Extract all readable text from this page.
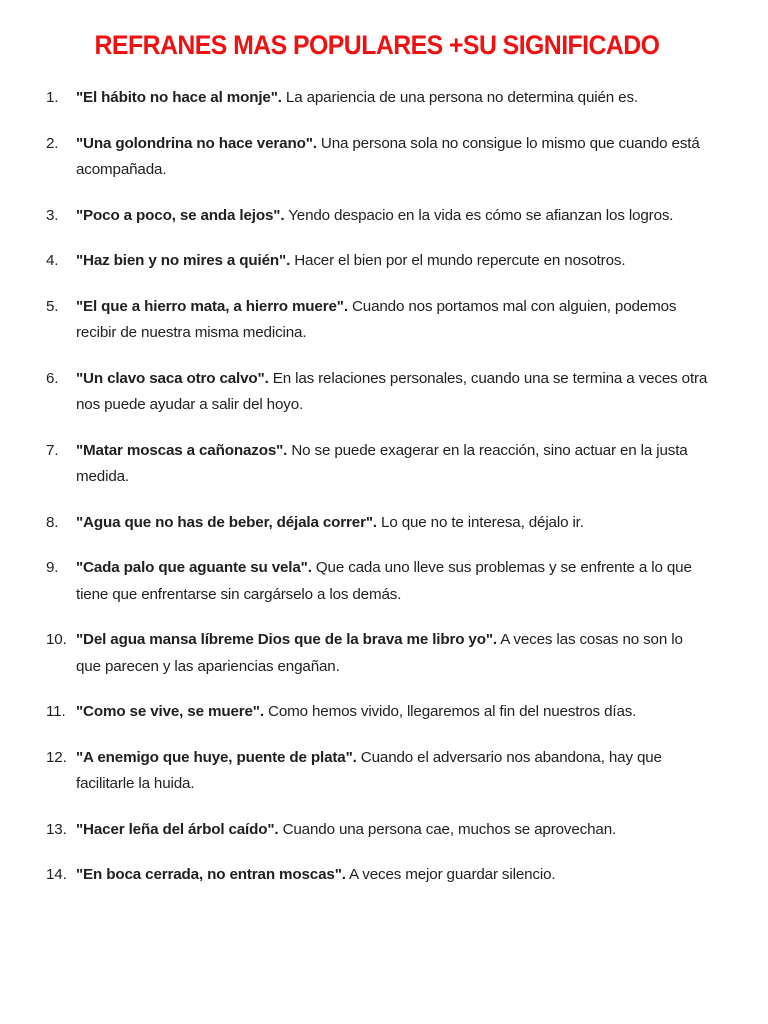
REFRANES MAS POPULARES +SU SIGNIFICADO
1. "El hábito no hace al monje". La apariencia de una persona no determina quién es.
2. "Una golondrina no hace verano". Una persona sola no consigue lo mismo que cuando está acompañada.
3. "Poco a poco, se anda lejos". Yendo despacio en la vida es cómo se afianzan los logros.
4. "Haz bien y no mires a quién". Hacer el bien por el mundo repercute en nosotros.
5. "El que a hierro mata, a hierro muere". Cuando nos portamos mal con alguien, podemos recibir de nuestra misma medicina.
6. "Un clavo saca otro calvo". En las relaciones personales, cuando una se termina a veces otra nos puede ayudar a salir del hoyo.
7. "Matar moscas a cañonazos". No se puede exagerar en la reacción, sino actuar en la justa medida.
8. "Agua que no has de beber, déjala correr". Lo que no te interesa, déjalo ir.
9. "Cada palo que aguante su vela". Que cada uno lleve sus problemas y se enfrente a lo que tiene que enfrentarse sin cargárselo a los demás.
10. "Del agua mansa líbreme Dios que de la brava me libro yo". A veces las cosas no son lo que parecen y las apariencias engañan.
11. "Como se vive, se muere". Como hemos vivido, llegaremos al fin del nuestros días.
12. "A enemigo que huye, puente de plata". Cuando el adversario nos abandona, hay que facilitarle la huida.
13. "Hacer leña del árbol caído". Cuando una persona cae, muchos se aprovechan.
14. "En boca cerrada, no entran moscas". A veces mejor guardar silencio.
